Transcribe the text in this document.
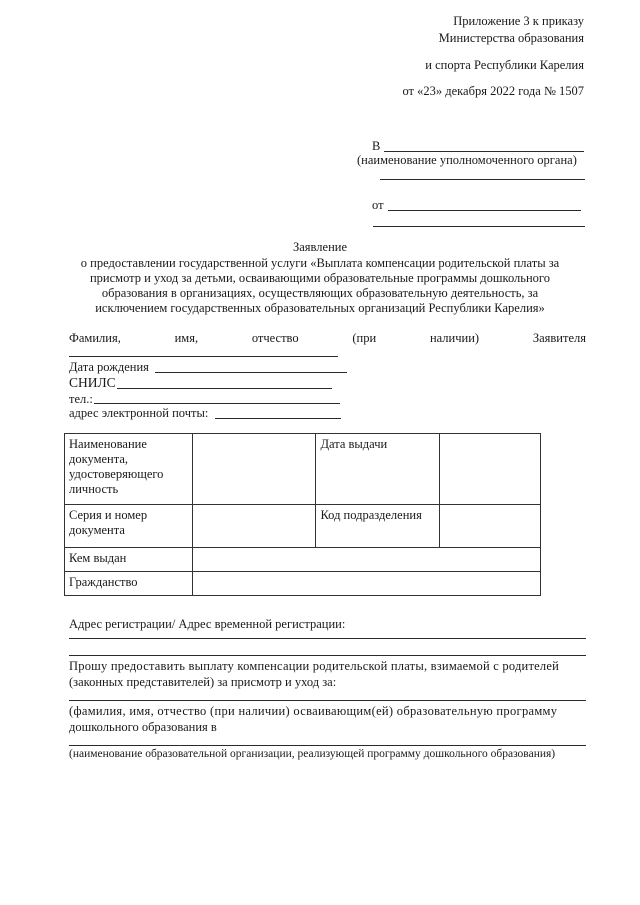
Приложение 3 к приказу
Министерства образования
и спорта Республики Карелия
от «23» декабря 2022 года № 1507
В
(наименование уполномоченного органа)
от
Заявление
о предоставлении государственной услуги «Выплата компенсации родительской платы за
присмотр и уход за детьми, осваивающими образовательные программы дошкольного
образования в организациях, осуществляющих образовательную деятельность, за
исключением государственных образовательных организаций Республики Карелия»
Фамилия,	имя,	отчество	(при	наличии)	Заявителя
Дата рождения
СНИЛС
тел.:
адрес электронной почты:
Наименование документа, удостоверяющего личность		Дата выдачи	
Серия и номер документа		Код подразделения	
Кем выдан			
Гражданство			
Адрес регистрации/ Адрес временной регистрации:
Прошу предоставить выплату компенсации родительской платы, взимаемой с родителей
(законных представителей) за присмотр и уход за:
(фамилия, имя, отчество (при наличии) осваивающим(ей) образовательную программу
дошкольного образования в
(наименование образовательной организации, реализующей программу дошкольного образования)
